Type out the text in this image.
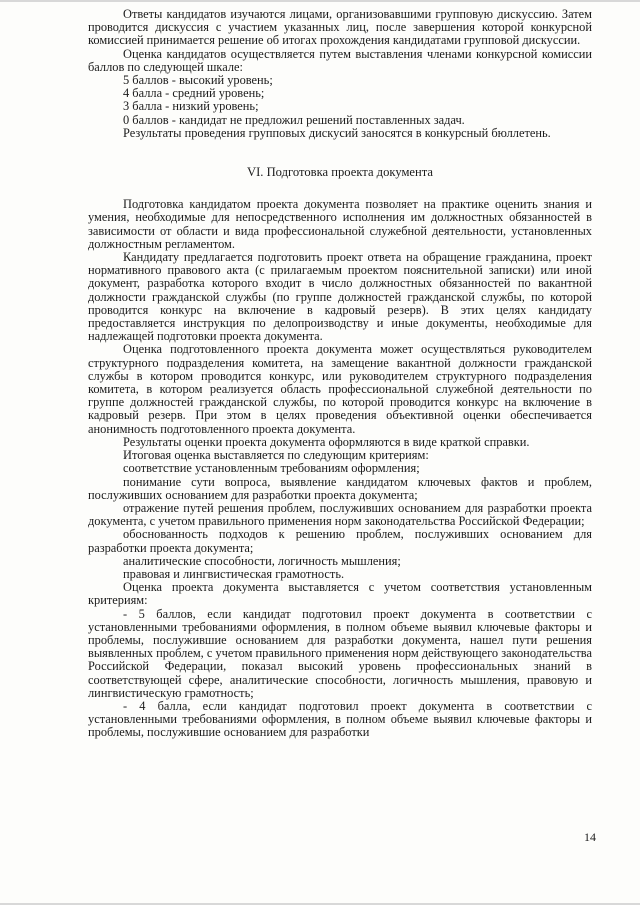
Ответы кандидатов изучаются лицами, организовавшими групповую дискуссию. Затем проводится дискуссия с участием указанных лиц, после завершения которой конкурсной комиссией принимается решение об итогах прохождения кандидатами групповой дискуссии.

Оценка кандидатов осуществляется путем выставления членами конкурсной комиссии баллов по следующей шкале:

5 баллов - высокий уровень;

4 балла - средний уровень;

3 балла - низкий уровень;

0 баллов - кандидат не предложил решений поставленных задач.

Результаты проведения групповых дискусий заносятся в конкурсный бюллетень.

VI. Подготовка проекта документа

Подготовка кандидатом проекта документа позволяет на практике оценить знания и умения, необходимые для непосредственного исполнения им должностных обязанностей в зависимости от области и вида профессиональной служебной деятельности, установленных должностным регламентом.

Кандидату предлагается подготовить проект ответа на обращение гражданина, проект нормативного правового акта (с прилагаемым проектом пояснительной записки) или иной документ, разработка которого входит в число должностных обязанностей по вакантной должности гражданской службы (по группе должностей гражданской службы, по которой проводится конкурс на включение в кадровый резерв). В этих целях кандидату предоставляется инструкция по делопроизводству и иные документы, необходимые для надлежащей подготовки проекта документа.

Оценка подготовленного проекта документа может осуществляться руководителем структурного подразделения комитета, на замещение вакантной должности гражданской службы в котором проводится конкурс, или руководителем структурного подразделения комитета, в котором реализуется область профессиональной служебной деятельности по группе должностей гражданской службы, по которой проводится конкурс на включение в кадровый резерв. При этом в целях проведения объективной оценки обеспечивается анонимность подготовленного проекта документа.

Результаты оценки проекта документа оформляются в виде краткой справки.

Итоговая оценка выставляется по следующим критериям:

соответствие установленным требованиям оформления;

понимание сути вопроса, выявление кандидатом ключевых фактов и проблем, послуживших основанием для разработки проекта документа;

отражение путей решения проблем, послуживших основанием для разработки проекта документа, с учетом правильного применения норм законодательства Российской Федерации;

обоснованность подходов к решению проблем, послуживших основанием для разработки проекта документа;

аналитические способности, логичность мышления;

правовая и лингвистическая грамотность.

Оценка проекта документа выставляется с учетом соответствия установленным критериям:

- 5 баллов, если кандидат подготовил проект документа в соответствии с установленными требованиями оформления, в полном объеме выявил ключевые факторы и проблемы, послужившие основанием для разработки документа, нашел пути решения выявленных проблем, с учетом правильного применения норм действующего законодательства Российской Федерации, показал высокий уровень профессиональных знаний в соответствующей сфере, аналитические способности, логичность мышления, правовую и лингвистическую грамотность;

- 4 балла, если кандидат подготовил проект документа в соответствии с установленными требованиями оформления, в полном объеме выявил ключевые факторы и проблемы, послужившие основанием для разработки

14
